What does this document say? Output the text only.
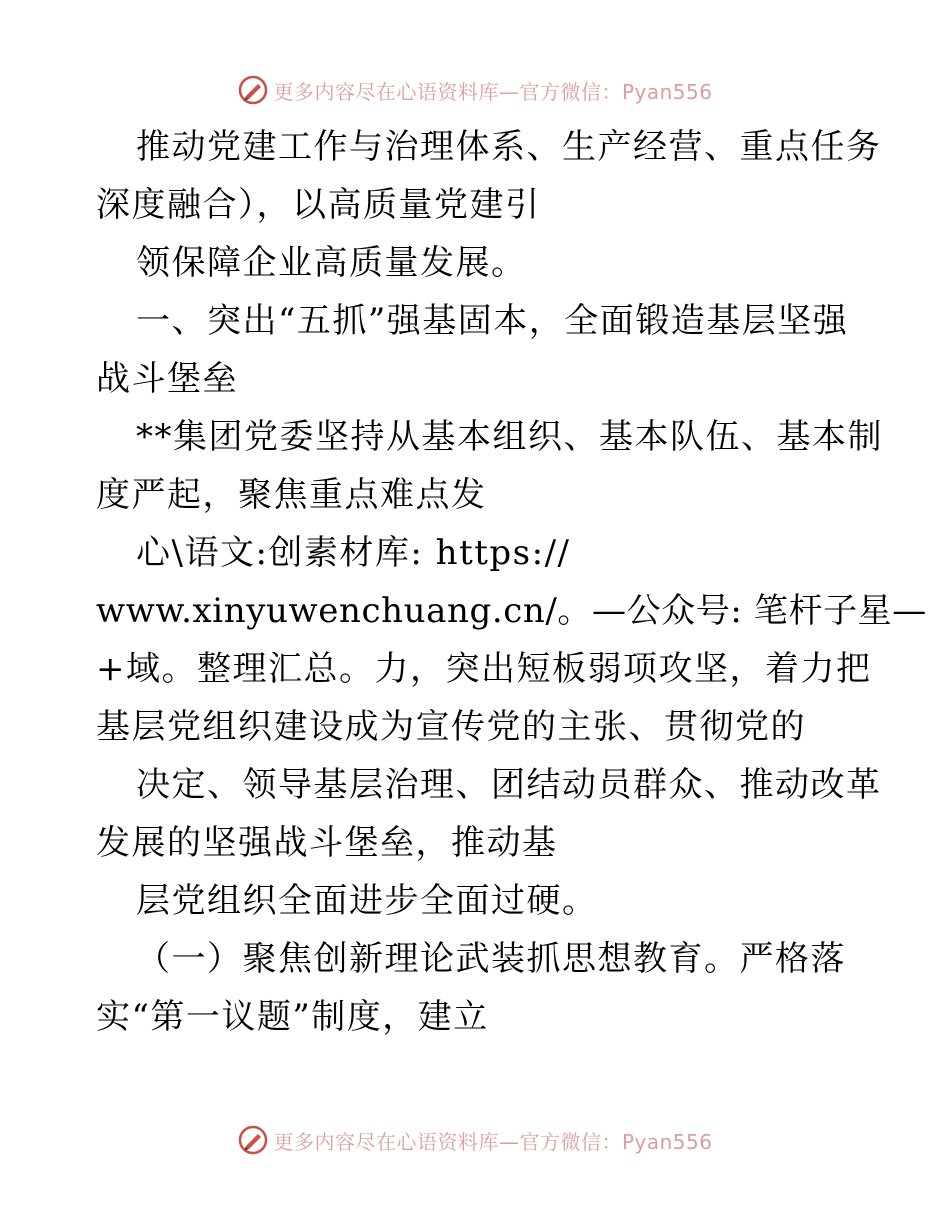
更多内容尽在心语资料库—官方微信：Pyan556
推动党建工作与治理体系、生产经营、重点任务
深度融合），以高质量党建引
领保障企业高质量发展。
一、突出“五抓”强基固本，全面锻造基层坚强
战斗堡垒
**集团党委坚持从基本组织、基本队伍、基本制
度严起，聚焦重点难点发
心\语文:创素材库: https://
www.xinyuwenchuang.cn/。—公众号: 笔杆子星—
+域。整理汇总。力，突出短板弱项攻坚，着力把
基层党组织建设成为宣传党的主张、贯彻党的
决定、领导基层治理、团结动员群众、推动改革
发展的坚强战斗堡垒，推动基
层党组织全面进步全面过硬。
（一）聚焦创新理论武装抓思想教育。严格落
实“第一议题”制度，建立
更多内容尽在心语资料库—官方微信：Pyan556
